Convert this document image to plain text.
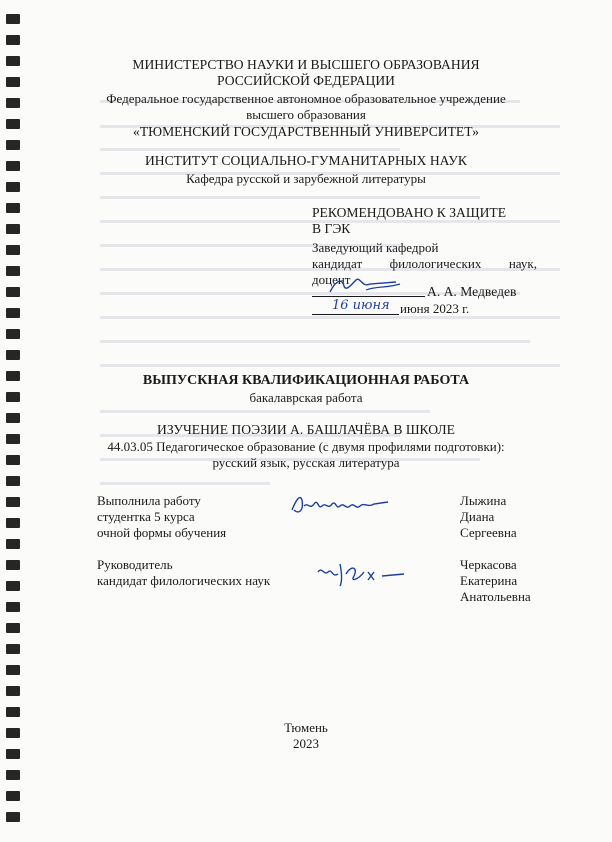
МИНИСТЕРСТВО НАУКИ И ВЫСШЕГО ОБРАЗОВАНИЯ
РОССИЙСКОЙ ФЕДЕРАЦИИ
Федеральное государственное автономное образовательное учреждение
высшего образования
«ТЮМЕНСКИЙ ГОСУДАРСТВЕННЫЙ УНИВЕРСИТЕТ»
ИНСТИТУТ СОЦИАЛЬНО-ГУМАНИТАРНЫХ НАУК
Кафедра русской и зарубежной литературы
РЕКОМЕНДОВАНО К ЗАЩИТЕ
В ГЭК
Заведующий кафедрой
кандидат филологических наук,
доцент
А. А. Медведев
16 июня июня 2023 г.
ВЫПУСКНАЯ КВАЛИФИКАЦИОННАЯ РАБОТА
бакалаврская работа
ИЗУЧЕНИЕ ПОЭЗИИ А. БАШЛАЧЁВА В ШКОЛЕ
44.03.05 Педагогическое образование (с двумя профилями подготовки):
русский язык, русская литература
Выполнила работу
студентка 5 курса
очной формы обучения
Лыжина
Диана
Сергеевна
Руководитель
кандидат филологических наук
Черкасова
Екатерина
Анатольевна
Тюмень
2023
